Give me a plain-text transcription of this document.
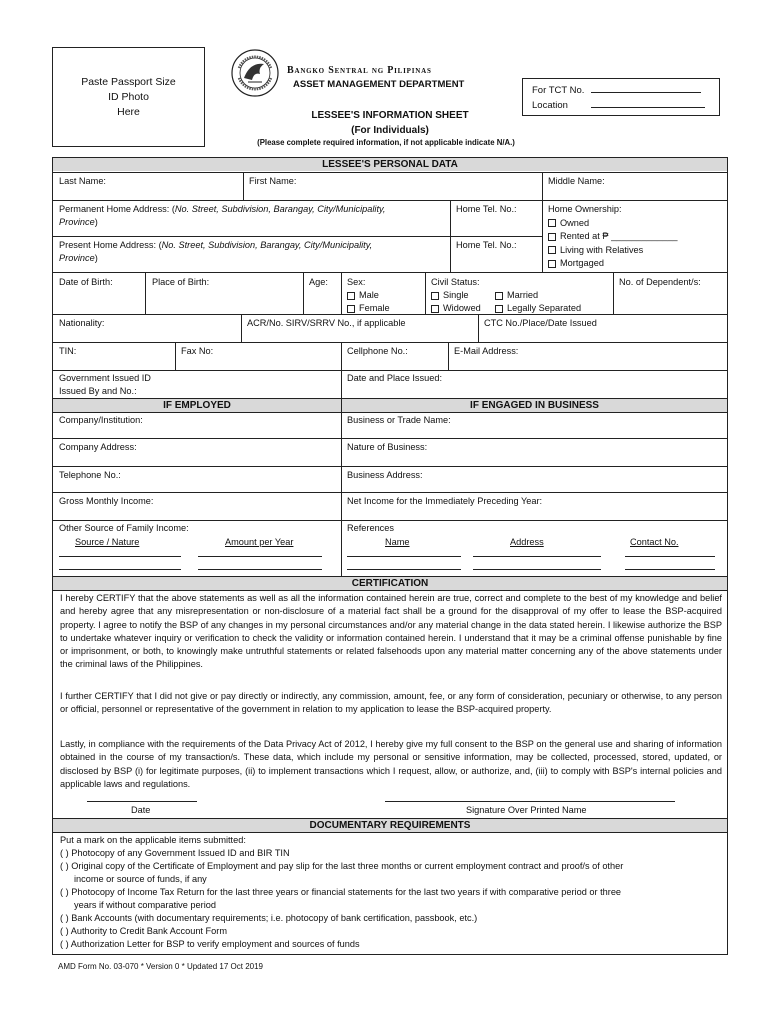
Paste Passport Size
ID Photo
Here
Bangko Sentral ng Pilipinas
ASSET MANAGEMENT DEPARTMENT
For TCT No.
Location
LESSEE'S INFORMATION SHEET
(For Individuals)
(Please complete required information, if not applicable indicate N/A.)
LESSEE'S PERSONAL DATA
Last Name:	First Name:	Middle Name:
Permanent Home Address: (No. Street, Subdivision, Barangay, City/Municipality,
Province)
Home Tel. No.:	Home Ownership:
Owned
Rented at ₱ _____________
Living with Relatives
Mortgaged
Present Home Address: (No. Street, Subdivision, Barangay, City/Municipality,
Province)
Home Tel. No.:
Date of Birth:	Place of Birth:	Age: Sex:
Male
Female
Civil Status:
Single	Married
Widowed	Legally Separated
No. of Dependent/s:
Nationality:	ACR/No. SIRV/SRRV No., if applicable	CTC No./Place/Date Issued
TIN:	Fax No:	Cellphone No.:	E-Mail Address:
Government Issued ID
Issued By and No.:
Date and Place Issued:
IF EMPLOYED	IF ENGAGED IN BUSINESS
Company/Institution:	Business or Trade Name:
Company Address:	Nature of Business:
Telephone No.:	Business Address:
Gross Monthly Income:	Net Income for the Immediately Preceding Year:
Other Source of Family Income:
Source / Nature	Amount per Year
References
Name	Address	Contact No.
CERTIFICATION
I hereby CERTIFY that the above statements as well as all the information contained herein are true, correct and complete to the best of my knowledge and belief and hereby agree that any misrepresentation or non-disclosure of a material fact shall be a ground for the disapproval of my offer to lease the BSP-acquired property. I agree to notify the BSP of any changes in my personal circumstances and/or any material change in the data stated herein. I likewise authorize the BSP to undertake whatever inquiry or verification to check the validity or information contained herein. I understand that it may be a criminal offense punishable by fine or imprisonment, or both, to knowingly make untruthful statements or related falsehoods upon any material matter concerning any of the above statements under the criminal laws of the Philippines.
I further CERTIFY that I did not give or pay directly or indirectly, any commission, amount, fee, or any form of consideration, pecuniary or otherwise, to any person or official, personnel or representative of the government in relation to my application to lease the BSP-acquired property.
Lastly, in compliance with the requirements of the Data Privacy Act of 2012, I hereby give my full consent to the BSP on the general use and sharing of information obtained in the course of my transaction/s. These data, which include my personal or sensitive information, may be collected, processed, stored, updated, or disclosed by BSP (i) for legitimate purposes, (ii) to implement transactions which I request, allow, or authorize, and, (iii) to comply with BSP's internal policies and applicable laws and regulations.
Date	Signature Over Printed Name
DOCUMENTARY REQUIREMENTS
Put a mark on the applicable items submitted:
( ) Photocopy of any Government Issued ID and BIR TIN
( ) Original copy of the Certificate of Employment and pay slip for the last three months or current employment contract and proof/s of other
income or source of funds, if any
( ) Photocopy of Income Tax Return for the last three years or financial statements for the last two years if with comparative period or three
years if without comparative period
( ) Bank Accounts (with documentary requirements; i.e. photocopy of bank certification, passbook, etc.)
( ) Authority to Credit Bank Account Form
( ) Authorization Letter for BSP to verify employment and sources of funds
AMD Form No. 03-070 * Version 0 * Updated 17 Oct 2019
